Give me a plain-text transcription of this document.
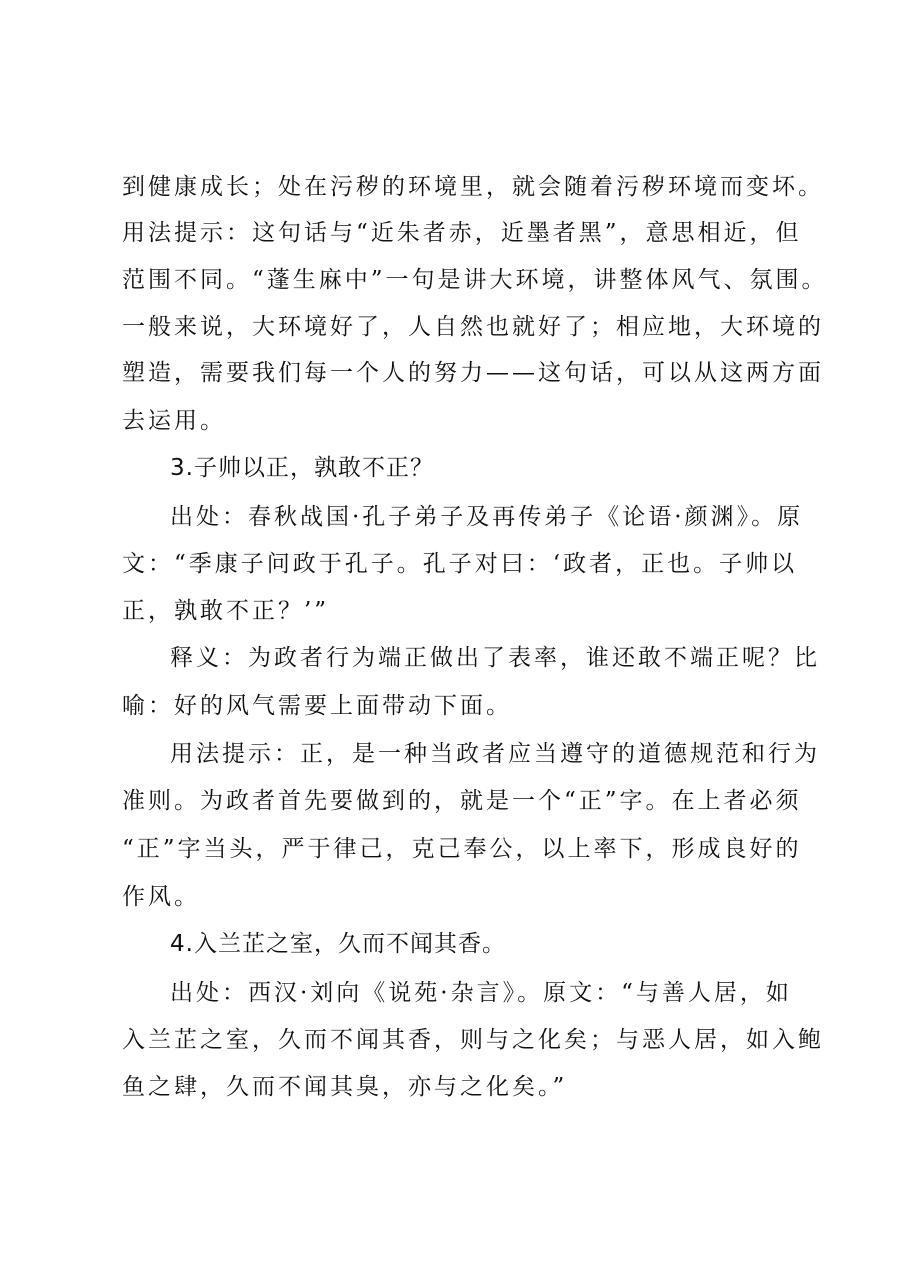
到健康成长；处在污秽的环境里，就会随着污秽环境而变坏。
用法提示：这句话与“近朱者赤，近墨者黑”，意思相近，但
范围不同。“蓬生麻中”一句是讲大环境，讲整体风气、氛围。
一般来说，大环境好了，人自然也就好了；相应地，大环境的
塑造，需要我们每一个人的努力——这句话，可以从这两方面
去运用。
3.子帅以正，孰敢不正？
出处：春秋战国·孔子弟子及再传弟子《论语·颜渊》。原
文：“季康子问政于孔子。孔子对曰：‘政者，正也。子帅以
正，孰敢不正？’”
释义：为政者行为端正做出了表率，谁还敢不端正呢？比
喻：好的风气需要上面带动下面。
用法提示：正，是一种当政者应当遵守的道德规范和行为
准则。为政者首先要做到的，就是一个“正”字。在上者必须
“正”字当头，严于律己，克己奉公，以上率下，形成良好的
作风。
4.入兰芷之室，久而不闻其香。
出处：西汉·刘向《说苑·杂言》。原文：“与善人居，如
入兰芷之室，久而不闻其香，则与之化矣；与恶人居，如入鲍
鱼之肆，久而不闻其臭，亦与之化矣。”
